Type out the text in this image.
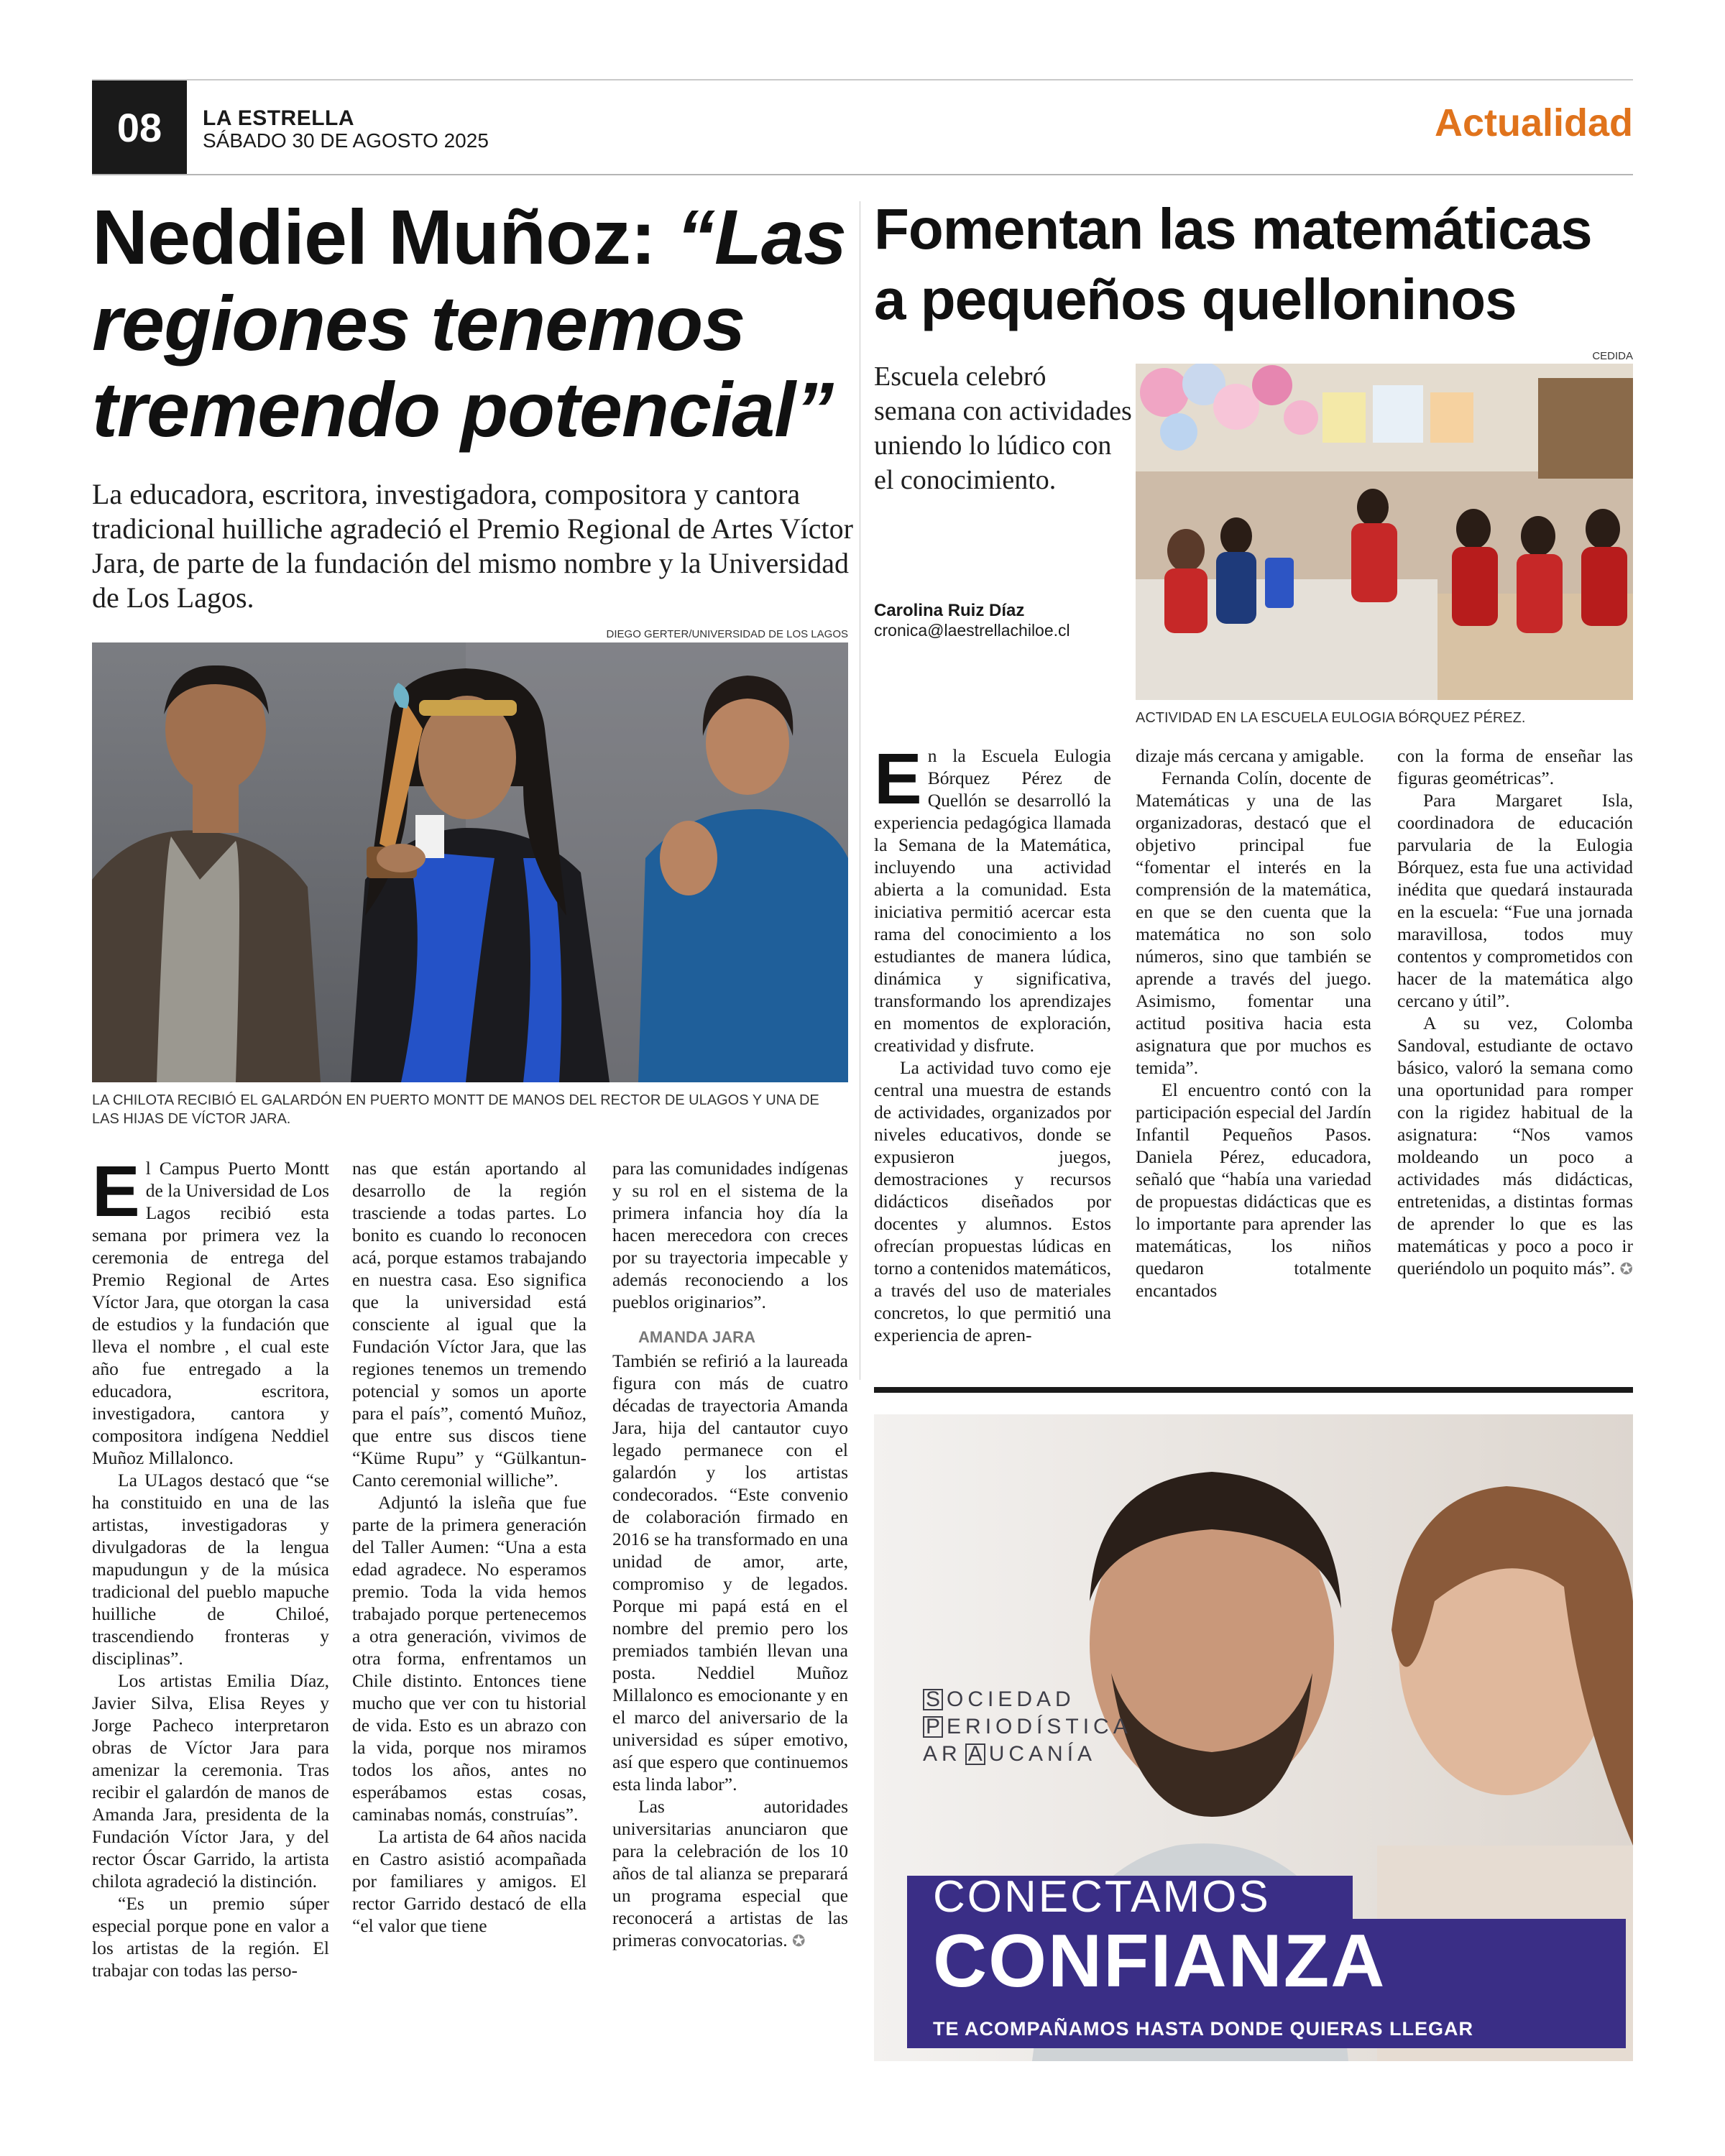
08	LA ESTRELLA
SÁBADO 30 DE AGOSTO 2025	Actualidad
Neddiel Muñoz: “Las regiones tenemos tremendo potencial”

La educadora, escritora, investigadora, compositora y cantora tradicional huilliche agradeció el Premio Regional de Artes Víctor Jara, de parte de la fundación del mismo nombre y la Universidad de Los Lagos.

DIEGO GERTER/UNIVERSIDAD DE LOS LAGOS

LA CHILOTA RECIBIÓ EL GALARDÓN EN PUERTO MONTT DE MANOS DEL RECTOR DE ULAGOS Y UNA DE LAS HIJAS DE VÍCTOR JARA.

El Campus Puerto Montt de la Universidad de Los Lagos recibió esta semana por primera vez la ceremonia de entrega del Premio Regional de Artes Víctor Jara, que otorgan la casa de estudios y la fundación que lleva el nombre , el cual este año fue entregado a la educadora, escritora, investigadora, cantora y compositora indígena Neddiel Muñoz Millalonco.

La ULagos destacó que “se ha constituido en una de las artistas, investigadoras y divulgadoras de la lengua mapudungun y de la música tradicional del pueblo mapuche huilliche de Chiloé, trascendiendo fronteras y disciplinas”.

Los artistas Emilia Díaz, Javier Silva, Elisa Reyes y Jorge Pacheco interpretaron obras de Víctor Jara para amenizar la ceremonia. Tras recibir el galardón de manos de Amanda Jara, presidenta de la Fundación Víctor Jara, y del rector Óscar Garrido, la artista chilota agradeció la distinción.

“Es un premio súper especial porque pone en valor a los artistas de la región. El trabajar con todas las perso-

nas que están aportando al desarrollo de la región trasciende a todas partes. Lo bonito es cuando lo reconocen acá, porque estamos trabajando en nuestra casa. Eso significa que la universidad está consciente al igual que la Fundación Víctor Jara, que las regiones tenemos un tremendo potencial y somos un aporte para el país”, comentó Muñoz, que entre sus discos tiene “Küme Rupu” y “Gülkantun-Canto ceremonial williche”.

Adjuntó la isleña que fue parte de la primera generación del Taller Aumen: “Una a esta edad agradece. No esperamos premio. Toda la vida hemos trabajado porque pertenecemos a otra generación, vivimos de otra forma, enfrentamos un Chile distinto. Entonces tiene mucho que ver con tu historial de vida. Esto es un abrazo con la vida, porque nos miramos todos los años, antes no esperábamos estas cosas, caminabas nomás, construías”.

La artista de 64 años nacida en Castro asistió acompañada por familiares y amigos. El rector Garrido destacó de ella “el valor que tiene

para las comunidades indígenas y su rol en el sistema de la primera infancia hoy día la hacen merecedora con creces por su trayectoria impecable y además reconociendo a los pueblos originarios”.

AMANDA JARA

También se refirió a la laureada figura con más de cuatro décadas de trayectoria Amanda Jara, hija del cantautor cuyo legado permanece con el galardón y los artistas condecorados. “Este convenio de colaboración firmado en 2016 se ha transformado en una unidad de amor, arte, compromiso y de legados. Porque mi papá está en el nombre del premio pero los premiados también llevan una posta. Neddiel Muñoz Millalonco es emocionante y en el marco del aniversario de la universidad es súper emotivo, así que espero que continuemos esta linda labor”.

Las autoridades universitarias anunciaron que para la celebración de los 10 años de tal alianza se preparará un programa especial que reconocerá a artistas de las primeras convocatorias. ✪

Fomentan las matemáticas a pequeños quelloninos

Escuela celebró semana con actividades uniendo lo lúdico con el conocimiento.

Carolina Ruiz Díaz
cronica@laestrellachiloe.cl
CEDIDA

ACTIVIDAD EN LA ESCUELA EULOGIA BÓRQUEZ PÉREZ.

En la Escuela Eulogia Bórquez Pérez de Quellón se desarrolló la experiencia pedagógica llamada la Semana de la Matemática, incluyendo una actividad abierta a la comunidad. Esta iniciativa permitió acercar esta rama del conocimiento a los estudiantes de manera lúdica, dinámica y significativa, transformando los aprendizajes en momentos de exploración, creatividad y disfrute.

La actividad tuvo como eje central una muestra de estands de actividades, organizados por niveles educativos, donde se expusieron juegos, demostraciones y recursos didácticos diseñados por docentes y alumnos. Estos ofrecían propuestas lúdicas en torno a contenidos matemáticos, a través del uso de materiales concretos, lo que permitió una experiencia de apren-

dizaje más cercana y amigable.

Fernanda Colín, docente de Matemáticas y una de las organizadoras, destacó que el objetivo principal fue “fomentar el interés en la comprensión de la matemática, en que se den cuenta que la matemática no son solo números, sino que también se aprende a través del juego. Asimismo, fomentar una actitud positiva hacia esta asignatura que por muchos es temida”.

El encuentro contó con la participación especial del Jardín Infantil Pequeños Pasos. Daniela Pérez, educadora, señaló que “había una variedad de propuestas didácticas que es lo importante para aprender las matemáticas, los niños quedaron totalmente encantados

con la forma de enseñar las figuras geométricas”.

Para Margaret Isla, coordinadora de educación parvularia de la Eulogia Bórquez, esta fue una actividad inédita que quedará instaurada en la escuela: “Fue una jornada maravillosa, todos muy contentos y comprometidos con hacer de la matemática algo cercano y útil”.

A su vez, Colomba Sandoval, estudiante de octavo básico, valoró la semana como una oportunidad para romper con la rigidez habitual de la asignatura: “Nos vamos moldeando un poco a actividades más didácticas, entretenidas, a distintas formas de aprender lo que es las matemáticas y poco a poco ir queriéndolo un poquito más”. ✪

S OCIEDAD
P ERIODÍSTICA
AR A UCANÍA
CONECTAMOS
CONFIANZA
TE ACOMPAÑAMOS HASTA DONDE QUIERAS LLEGAR
